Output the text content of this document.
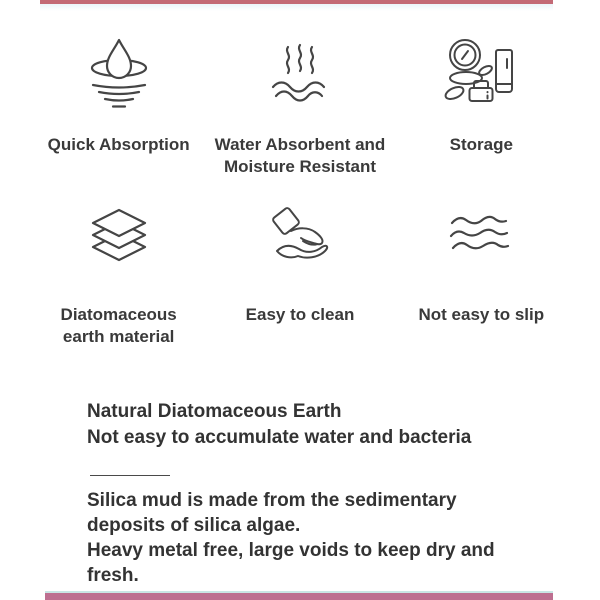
Quick Absorption Water Absorbent and Moisture Resistant
Storage
Diatomaceous earth material
Easy to clean	Not easy to slip
Natural Diatomaceous Earth
Not easy to accumulate water and bacteria
Silica mud is made from the sedimentary deposits of silica algae.
Heavy metal free, large voids to keep dry and fresh.
